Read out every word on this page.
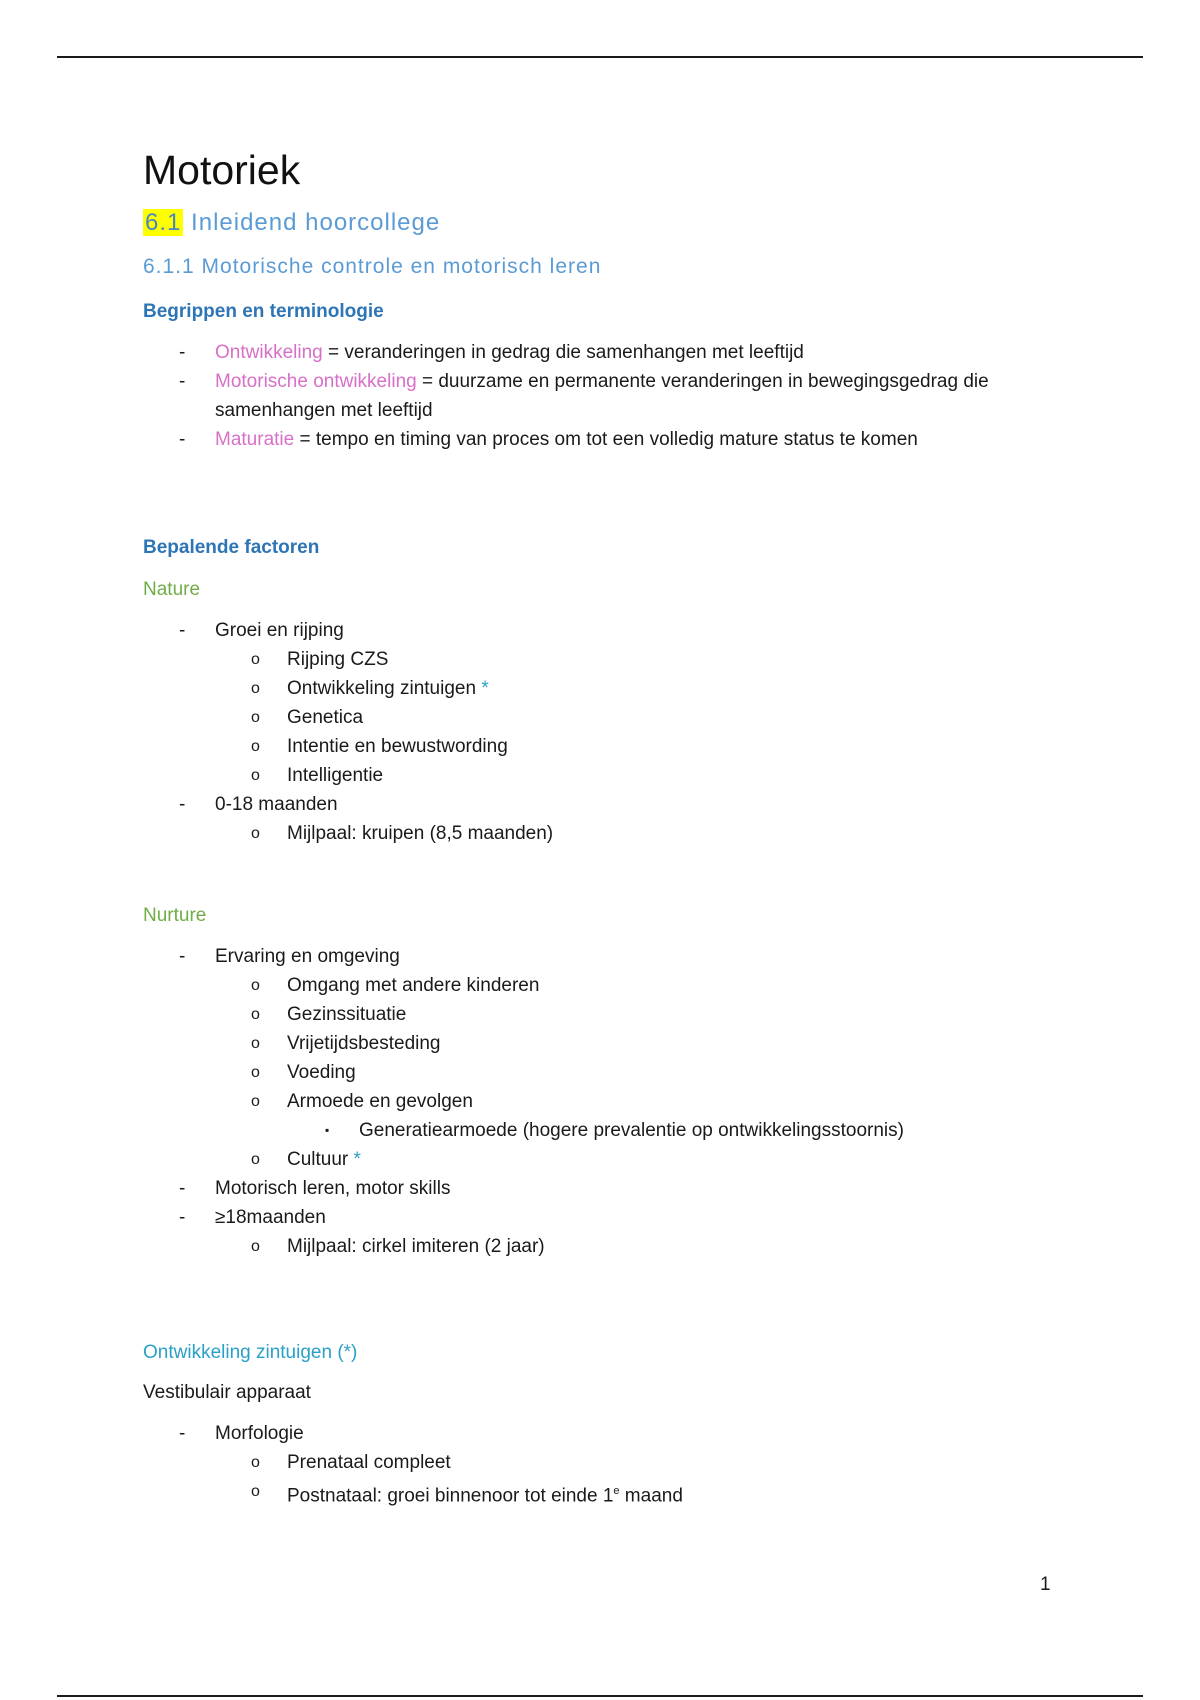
Motoriek
6.1 Inleidend hoorcollege
6.1.1 Motorische controle en motorisch leren
Begrippen en terminologie
- Ontwikkeling = veranderingen in gedrag die samenhangen met leeftijd
- Motorische ontwikkeling = duurzame en permanente veranderingen in bewegingsgedrag die samenhangen met leeftijd
- Maturatie = tempo en timing van proces om tot een volledig mature status te komen
Bepalende factoren
Nature
- Groei en rijping
o Rijping CZS
o Ontwikkeling zintuigen *
o Genetica
o Intentie en bewustwording
o Intelligentie
- 0-18 maanden
o Mijlpaal: kruipen (8,5 maanden)
Nurture
- Ervaring en omgeving
o Omgang met andere kinderen
o Gezinssituatie
o Vrijetijdsbesteding
o Voeding
o Armoede en gevolgen
▪ Generatiearmoede (hogere prevalentie op ontwikkelingsstoornis)
o Cultuur *
- Motorisch leren, motor skills
- ≥18maanden
o Mijlpaal: cirkel imiteren (2 jaar)
Ontwikkeling zintuigen (*)
Vestibulair apparaat
- Morfologie
o Prenataal compleet
o Postnataal: groei binnenoor tot einde 1e maand
1
